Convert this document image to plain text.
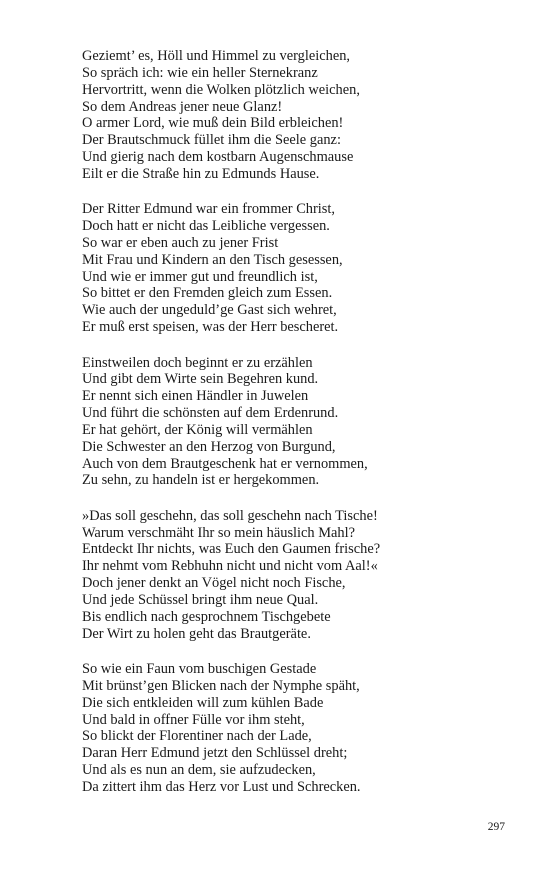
Geziemt’ es, Höll und Himmel zu vergleichen,
So spräch ich: wie ein heller Sternekranz
Hervortritt, wenn die Wolken plötzlich weichen,
So dem Andreas jener neue Glanz!
O armer Lord, wie muß dein Bild erbleichen!
Der Brautschmuck füllet ihm die Seele ganz:
Und gierig nach dem kostbarn Augenschmause
Eilt er die Straße hin zu Edmunds Hause.
Der Ritter Edmund war ein frommer Christ,
Doch hatt er nicht das Leibliche vergessen.
So war er eben auch zu jener Frist
Mit Frau und Kindern an den Tisch gesessen,
Und wie er immer gut und freundlich ist,
So bittet er den Fremden gleich zum Essen.
Wie auch der ungeduld’ge Gast sich wehret,
Er muß erst speisen, was der Herr bescheret.
Einstweilen doch beginnt er zu erzählen
Und gibt dem Wirte sein Begehren kund.
Er nennt sich einen Händler in Juwelen
Und führt die schönsten auf dem Erdenrund.
Er hat gehört, der König will vermählen
Die Schwester an den Herzog von Burgund,
Auch von dem Brautgeschenk hat er vernommen,
Zu sehn, zu handeln ist er hergekommen.
»Das soll geschehn, das soll geschehn nach Tische!
Warum verschmäht Ihr so mein häuslich Mahl?
Entdeckt Ihr nichts, was Euch den Gaumen frische?
Ihr nehmt vom Rebhuhn nicht und nicht vom Aal!«
Doch jener denkt an Vögel nicht noch Fische,
Und jede Schüssel bringt ihm neue Qual.
Bis endlich nach gesprochnem Tischgebete
Der Wirt zu holen geht das Brautgeräte.
So wie ein Faun vom buschigen Gestade
Mit brünst’gen Blicken nach der Nymphe späht,
Die sich entkleiden will zum kühlen Bade
Und bald in offner Fülle vor ihm steht,
So blickt der Florentiner nach der Lade,
Daran Herr Edmund jetzt den Schlüssel dreht;
Und als es nun an dem, sie aufzudecken,
Da zittert ihm das Herz vor Lust und Schrecken.
297
